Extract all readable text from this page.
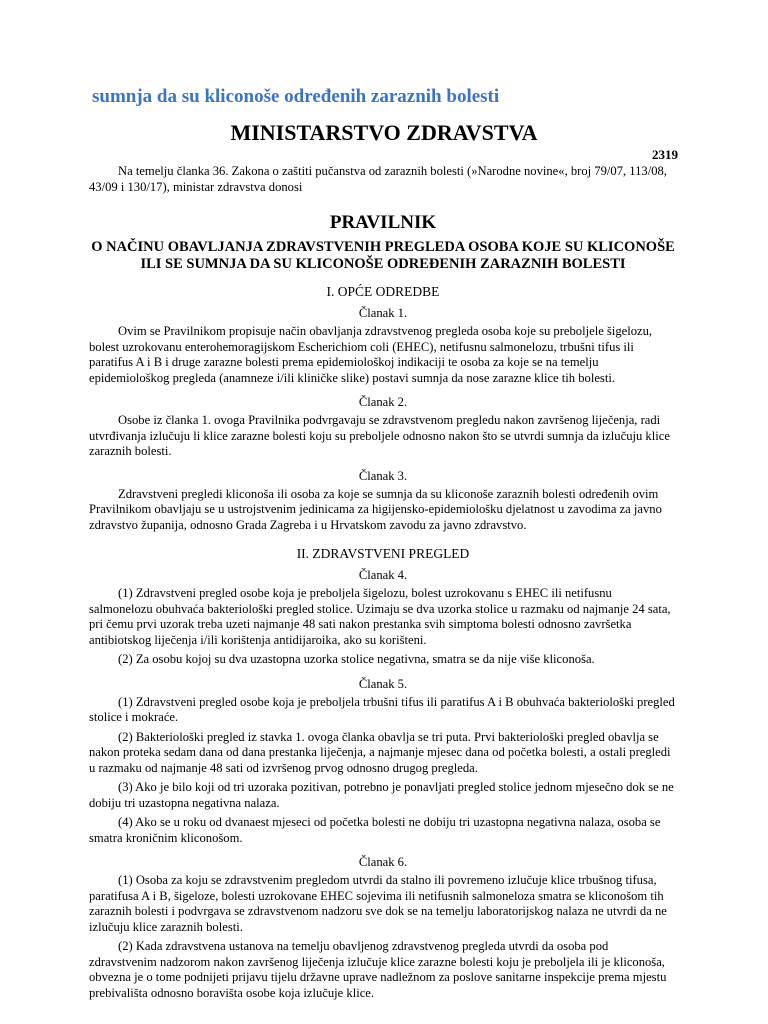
sumnja da su kliconoše određenih zaraznih bolesti
MINISTARSTVO ZDRAVSTVA
2319

Na temelju članka 36. Zakona o zaštiti pučanstva od zaraznih bolesti (»Narodne novine«, broj 79/07, 113/08, 43/09 i 130/17), ministar zdravstva donosi

PRAVILNIK

O NAČINU OBAVLJANJA ZDRAVSTVENIH PREGLEDA OSOBA KOJE SU KLICONOŠE ILI SE SUMNJA DA SU KLICONOŠE ODREĐENIH ZARAZNIH BOLESTI

I. OPĆE ODREDBE

Članak 1.

Ovim se Pravilnikom propisuje način obavljanja zdravstvenog pregleda osoba koje su preboljele šigelozu, bolest uzrokovanu enterohemoragijskom Escherichiom coli (EHEC), netifusnu salmonelozu, trbušni tifus ili paratifus A i B i druge zarazne bolesti prema epidemiološkoj indikaciji te osoba za koje se na temelju epidemiološkog pregleda (anamneze i/ili kliničke slike) postavi sumnja da nose zarazne klice tih bolesti.

Članak 2.

Osobe iz članka 1. ovoga Pravilnika podvrgavaju se zdravstvenom pregledu nakon završenog liječenja, radi utvrđivanja izlučuju li klice zarazne bolesti koju su preboljele odnosno nakon što se utvrdi sumnja da izlučuju klice zaraznih bolesti.

Članak 3.

Zdravstveni pregledi kliconoša ili osoba za koje se sumnja da su kliconoše zaraznih bolesti određenih ovim Pravilnikom obavljaju se u ustrojstvenim jedinicama za higijensko-epidemiološku djelatnost u zavodima za javno zdravstvo županija, odnosno Grada Zagreba i u Hrvatskom zavodu za javno zdravstvo.

II. ZDRAVSTVENI PREGLED

Članak 4.

(1) Zdravstveni pregled osobe koja je preboljela šigelozu, bolest uzrokovanu s EHEC ili netifusnu salmonelozu obuhvaća bakteriološki pregled stolice. Uzimaju se dva uzorka stolice u razmaku od najmanje 24 sata, pri čemu prvi uzorak treba uzeti najmanje 48 sati nakon prestanka svih simptoma bolesti odnosno završetka antibiotskog liječenja i/ili korištenja antidijaroika, ako su korišteni.

(2) Za osobu kojoj su dva uzastopna uzorka stolice negativna, smatra se da nije više kliconoša.

Članak 5.

(1) Zdravstveni pregled osobe koja je preboljela trbušni tifus ili paratifus A i B obuhvaća bakteriološki pregled stolice i mokraće.

(2) Bakteriološki pregled iz stavka 1. ovoga članka obavlja se tri puta. Prvi bakteriološki pregled obavlja se nakon proteka sedam dana od dana prestanka liječenja, a najmanje mjesec dana od početka bolesti, a ostali pregledi u razmaku od najmanje 48 sati od izvršenog prvog odnosno drugog pregleda.

(3) Ako je bilo koji od tri uzoraka pozitivan, potrebno je ponavljati pregled stolice jednom mjesečno dok se ne dobiju tri uzastopna negativna nalaza.

(4) Ako se u roku od dvanaest mjeseci od početka bolesti ne dobiju tri uzastopna negativna nalaza, osoba se smatra kroničnim kliconošom.

Članak 6.

(1) Osoba za koju se zdravstvenim pregledom utvrdi da stalno ili povremeno izlučuje klice trbušnog tifusa, paratifusa A i B, šigeloze, bolesti uzrokovane EHEC sojevima ili netifusnih salmoneloza smatra se kliconošom tih zaraznih bolesti i podvrgava se zdravstvenom nadzoru sve dok se na temelju laboratorijskog nalaza ne utvrdi da ne izlučuju klice zaraznih bolesti.

(2) Kada zdravstvena ustanova na temelju obavljenog zdravstvenog pregleda utvrdi da osoba pod zdravstvenim nadzorom nakon završenog liječenja izlučuje klice zarazne bolesti koju je preboljela ili je kliconoša, obvezna je o tome podnijeti prijavu tijelu državne uprave nadležnom za poslove sanitarne inspekcije prema mjestu prebivališta odnosno boravišta osobe koja izlučuje klice.
